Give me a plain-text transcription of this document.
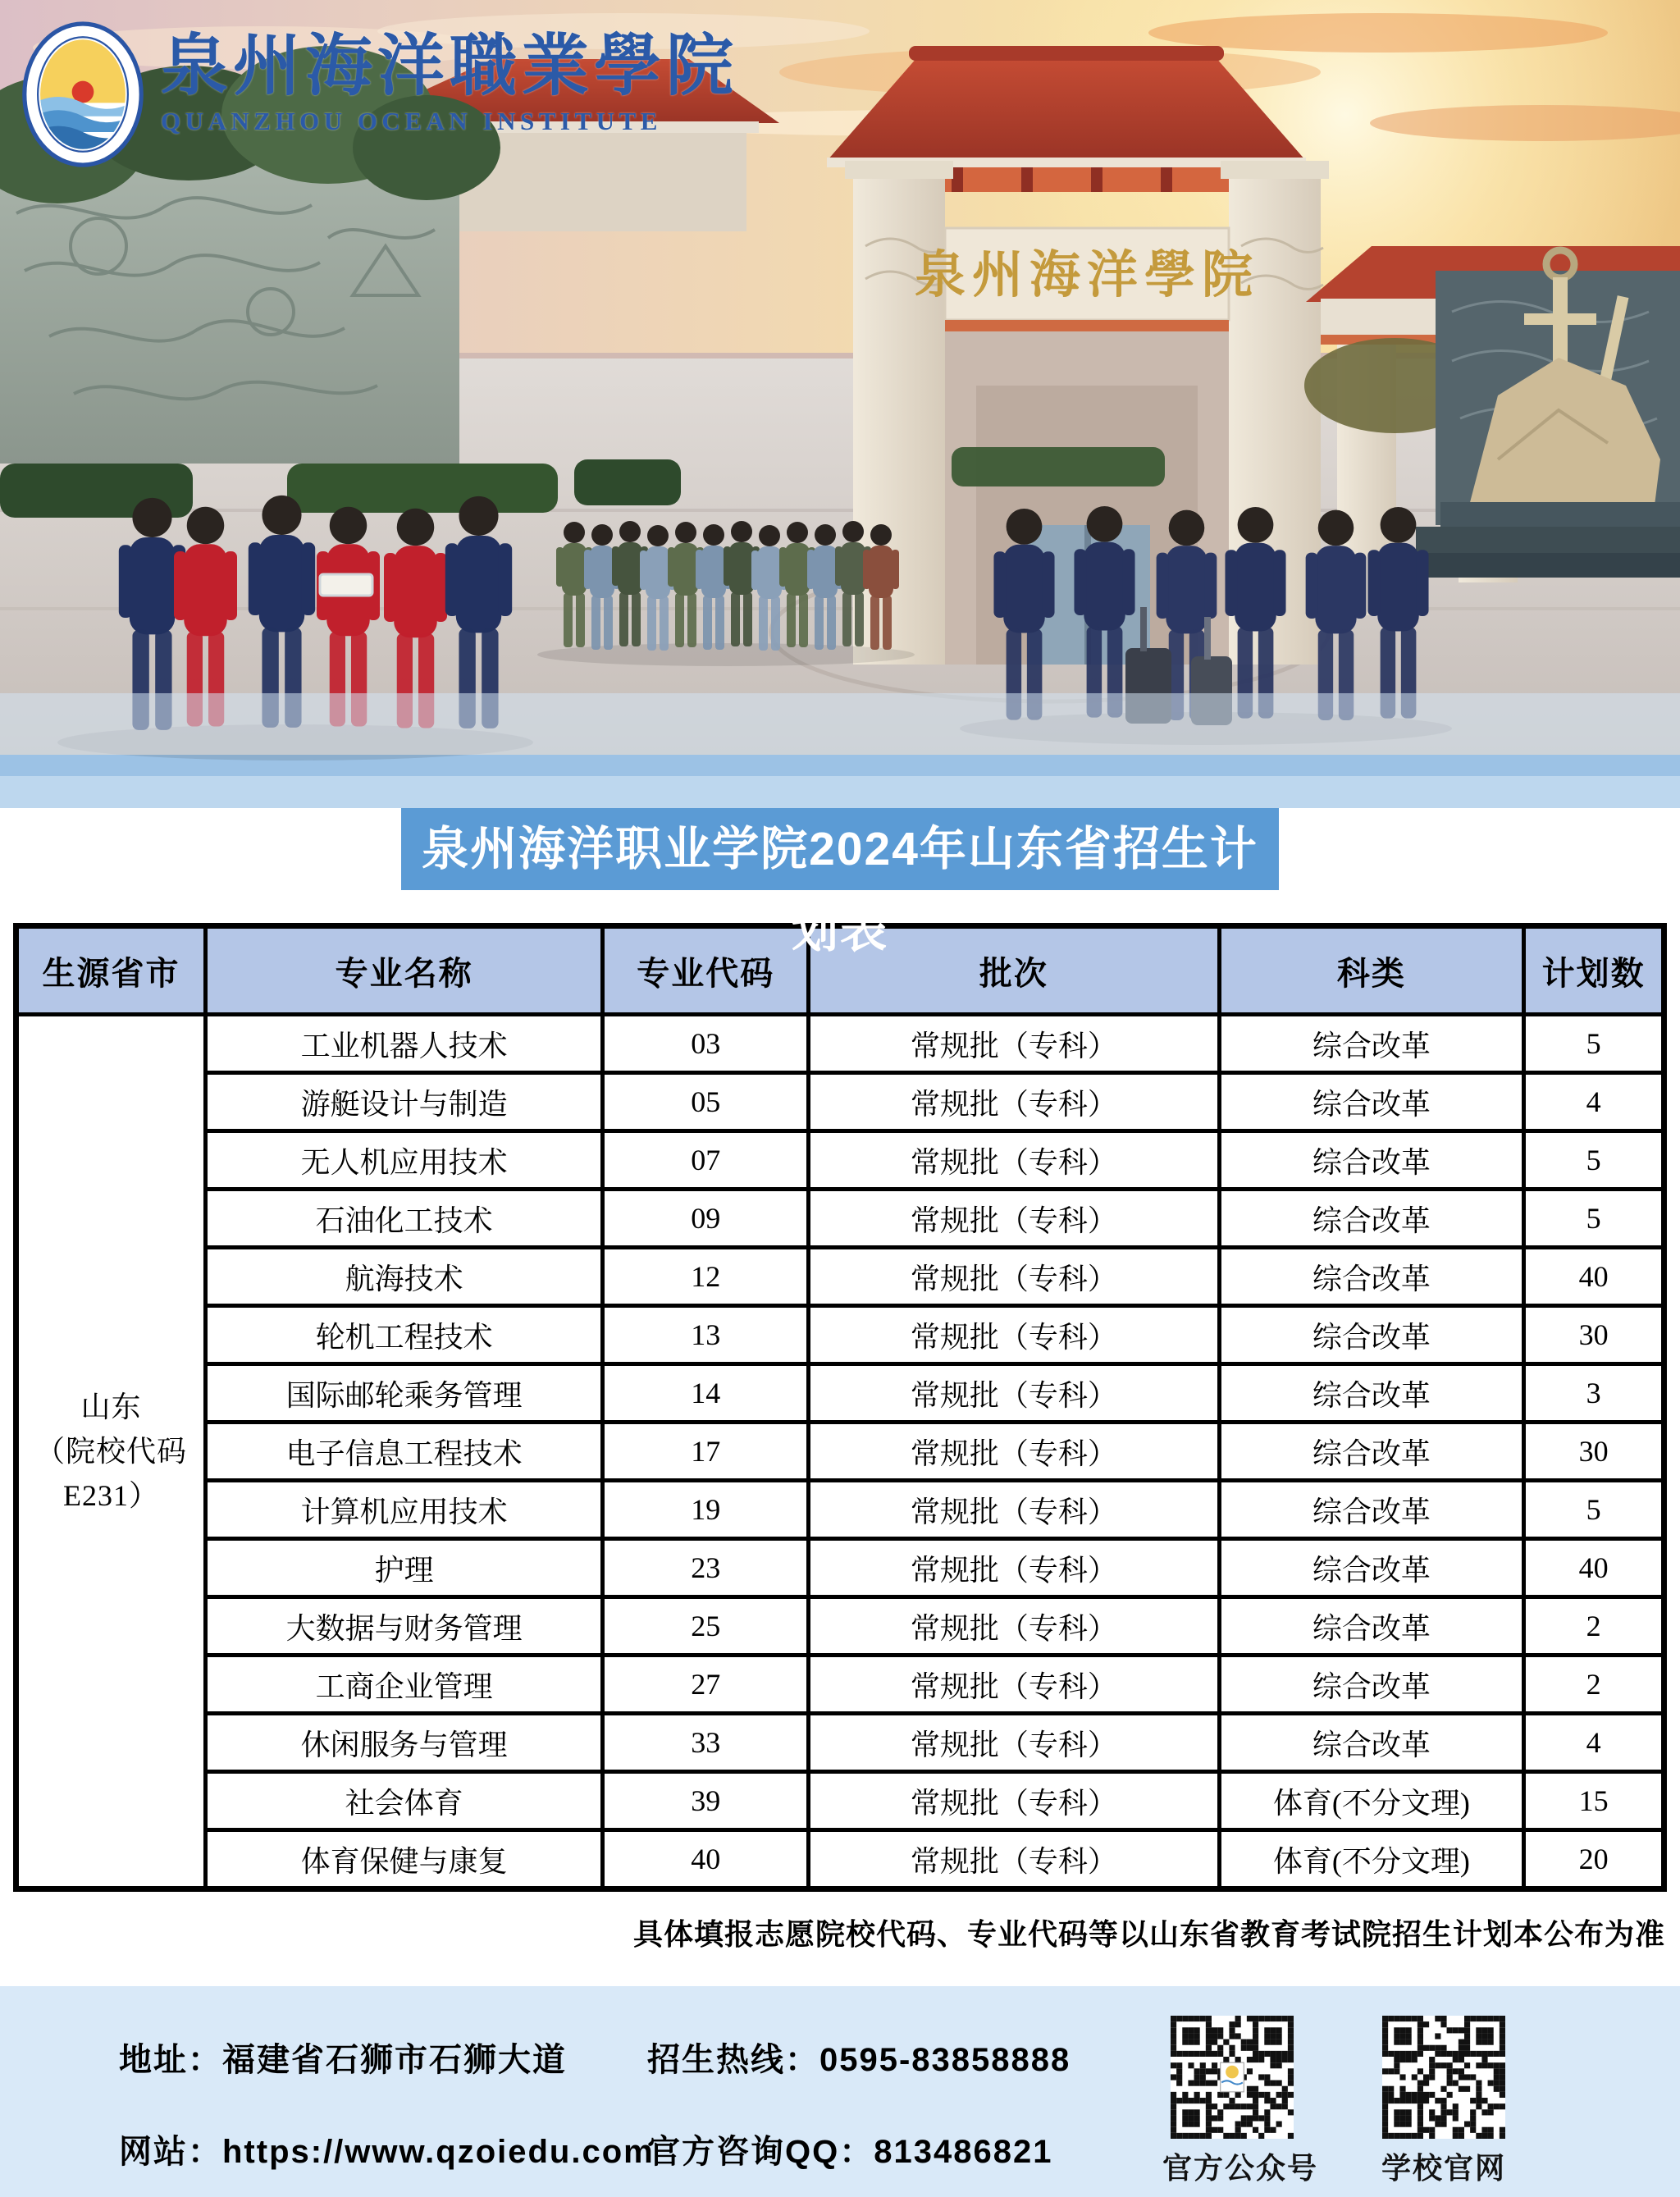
泉州海洋學院
泉州海洋職業學院
QUANZHOU OCEAN INSTITUTE
泉州海洋职业学院2024年山东省招生计划表
生源省市	专业名称	专业代码	批次	科类	计划数

山东
（院校代码
E231）	工业机器人技术	03	常规批（专科）	综合改革	5
	游艇设计与制造	05	常规批（专科）	综合改革	4
	无人机应用技术	07	常规批（专科）	综合改革	5
	石油化工技术	09	常规批（专科）	综合改革	5
	航海技术	12	常规批（专科）	综合改革	40
	轮机工程技术	13	常规批（专科）	综合改革	30
	国际邮轮乘务管理	14	常规批（专科）	综合改革	3
	电子信息工程技术	17	常规批（专科）	综合改革	30
	计算机应用技术	19	常规批（专科）	综合改革	5
	护理	23	常规批（专科）	综合改革	40
	大数据与财务管理	25	常规批（专科）	综合改革	2
	工商企业管理	27	常规批（专科）	综合改革	2
	休闲服务与管理	33	常规批（专科）	综合改革	4
	社会体育	39	常规批（专科）	体育(不分文理)	15
	体育保健与康复	40	常规批（专科）	体育(不分文理)	20
具体填报志愿院校代码、专业代码等以山东省教育考试院招生计划本公布为准
地址：福建省石狮市石狮大道
网站：https://www.qzoiedu.com
招生热线：0595-83858888
官方咨询QQ：813486821	官方公众号 学校官网
